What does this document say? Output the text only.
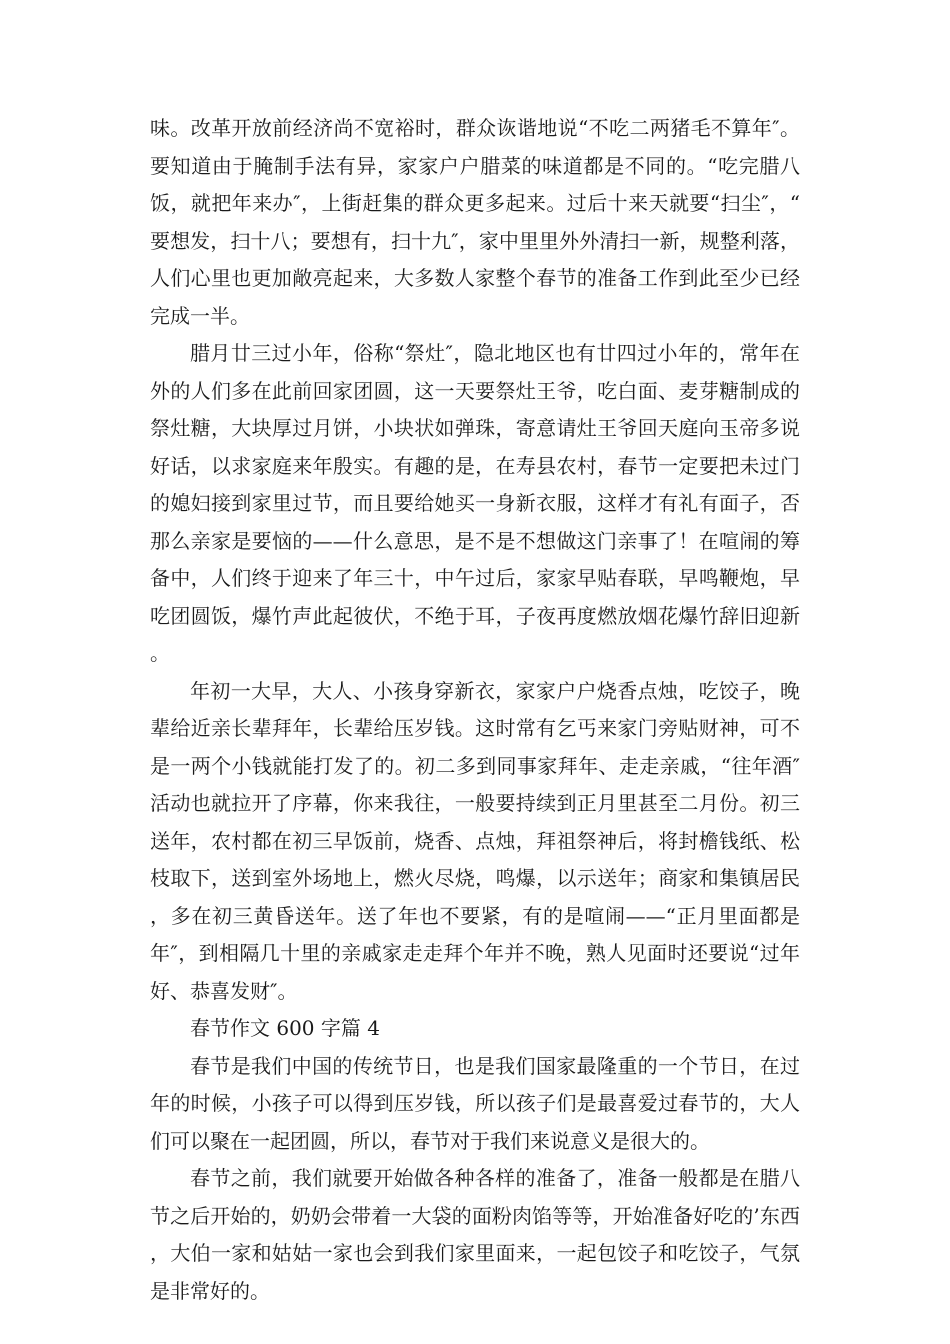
味。改革开放前经济尚不宽裕时，群众诙谐地说“不吃二两猪毛不算年″。要知道由于腌制手法有异，家家户户腊菜的味道都是不同的。“吃完腊八饭，就把年来办″，上街赶集的群众更多起来。过后十来天就要“扫尘″，“要想发，扫十八；要想有，扫十九″，家中里里外外清扫一新，规整利落，人们心里也更加敞亮起来，大多数人家整个春节的准备工作到此至少已经完成一半。

腊月廿三过小年，俗称“祭灶″，隐北地区也有廿四过小年的，常年在外的人们多在此前回家团圆，这一天要祭灶王爷，吃白面、麦芽糖制成的祭灶糖，大块厚过月饼，小块状如弹珠，寄意请灶王爷回天庭向玉帝多说好话，以求家庭来年殷实。有趣的是，在寿县农村，春节一定要把未过门的媳妇接到家里过节，而且要给她买一身新衣服，这样才有礼有面子，否那么亲家是要恼的——什么意思，是不是不想做这门亲事了！在喧闹的筹备中，人们终于迎来了年三十，中午过后，家家早贴春联，早鸣鞭炮，早吃团圆饭，爆竹声此起彼伏，不绝于耳，子夜再度燃放烟花爆竹辞旧迎新。

年初一大早，大人、小孩身穿新衣，家家户户烧香点烛，吃饺子，晚辈给近亲长辈拜年，长辈给压岁钱。这时常有乞丐来家门旁贴财神，可不是一两个小钱就能打发了的。初二多到同事家拜年、走走亲戚，“往年酒″活动也就拉开了序幕，你来我往，一般要持续到正月里甚至二月份。初三送年，农村都在初三早饭前，烧香、点烛，拜祖祭神后，将封檐钱纸、松枝取下，送到室外场地上，燃火尽烧，鸣爆，以示送年；商家和集镇居民，多在初三黄昏送年。送了年也不要紧，有的是喧闹——“正月里面都是年″，到相隔几十里的亲戚家走走拜个年并不晚，熟人见面时还要说“过年好、恭喜发财″。

春节作文 600 字篇 4

春节是我们中国的传统节日，也是我们国家最隆重的一个节日，在过年的时候，小孩子可以得到压岁钱，所以孩子们是最喜爱过春节的，大人们可以聚在一起团圆，所以，春节对于我们来说意义是很大的。

春节之前，我们就要开始做各种各样的准备了，准备一般都是在腊八节之后开始的，奶奶会带着一大袋的面粉肉馅等等，开始准备好吃的’东西，大伯一家和姑姑一家也会到我们家里面来，一起包饺子和吃饺子，气氛是非常好的。
